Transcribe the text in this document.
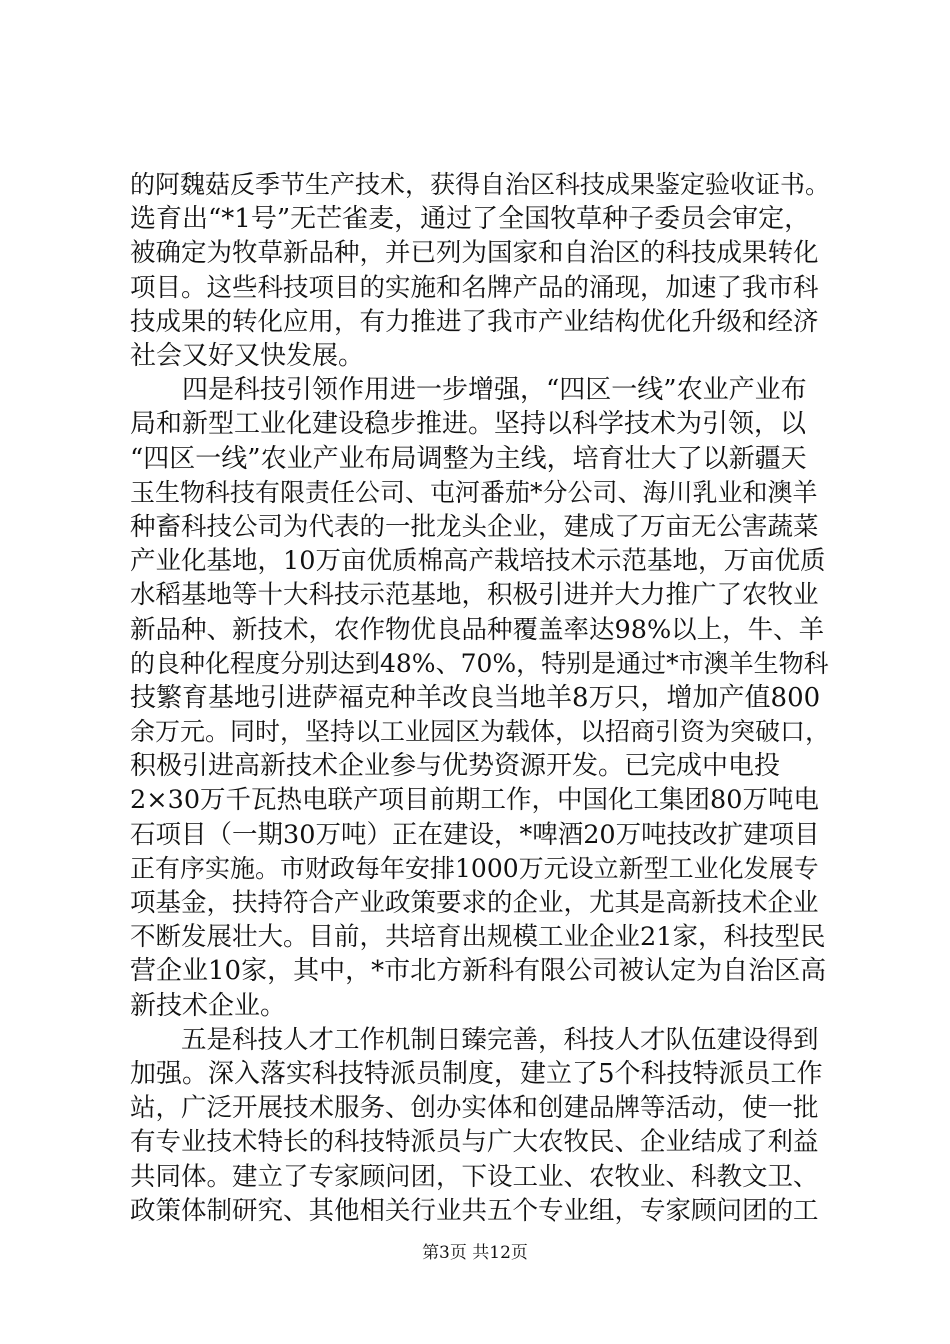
的阿魏菇反季节生产技术，获得自治区科技成果鉴定验收证书。
选育出“*1号”无芒雀麦，通过了全国牧草种子委员会审定，
被确定为牧草新品种，并已列为国家和自治区的科技成果转化
项目。这些科技项目的实施和名牌产品的涌现，加速了我市科
技成果的转化应用，有力推进了我市产业结构优化升级和经济
社会又好又快发展。
　　四是科技引领作用进一步增强，“四区一线”农业产业布
局和新型工业化建设稳步推进。坚持以科学技术为引领，以
“四区一线”农业产业布局调整为主线，培育壮大了以新疆天
玉生物科技有限责任公司、屯河番茄*分公司、海川乳业和澳羊
种畜科技公司为代表的一批龙头企业，建成了万亩无公害蔬菜
产业化基地，10万亩优质棉高产栽培技术示范基地，万亩优质
水稻基地等十大科技示范基地，积极引进并大力推广了农牧业
新品种、新技术，农作物优良品种覆盖率达98%以上，牛、羊
的良种化程度分别达到48%、70%，特别是通过*市澳羊生物科
技繁育基地引进萨福克种羊改良当地羊8万只，增加产值800
余万元。同时，坚持以工业园区为载体，以招商引资为突破口，
积极引进高新技术企业参与优势资源开发。已完成中电投
2×30万千瓦热电联产项目前期工作，中国化工集团80万吨电
石项目（一期30万吨）正在建设，*啤酒20万吨技改扩建项目
正有序实施。市财政每年安排1000万元设立新型工业化发展专
项基金，扶持符合产业政策要求的企业，尤其是高新技术企业
不断发展壮大。目前，共培育出规模工业企业21家，科技型民
营企业10家，其中，*市北方新科有限公司被认定为自治区高
新技术企业。
　　五是科技人才工作机制日臻完善，科技人才队伍建设得到
加强。深入落实科技特派员制度，建立了5个科技特派员工作
站，广泛开展技术服务、创办实体和创建品牌等活动，使一批
有专业技术特长的科技特派员与广大农牧民、企业结成了利益
共同体。建立了专家顾问团，下设工业、农牧业、科教文卫、
政策体制研究、其他相关行业共五个专业组，专家顾问团的工
第3页 共12页
